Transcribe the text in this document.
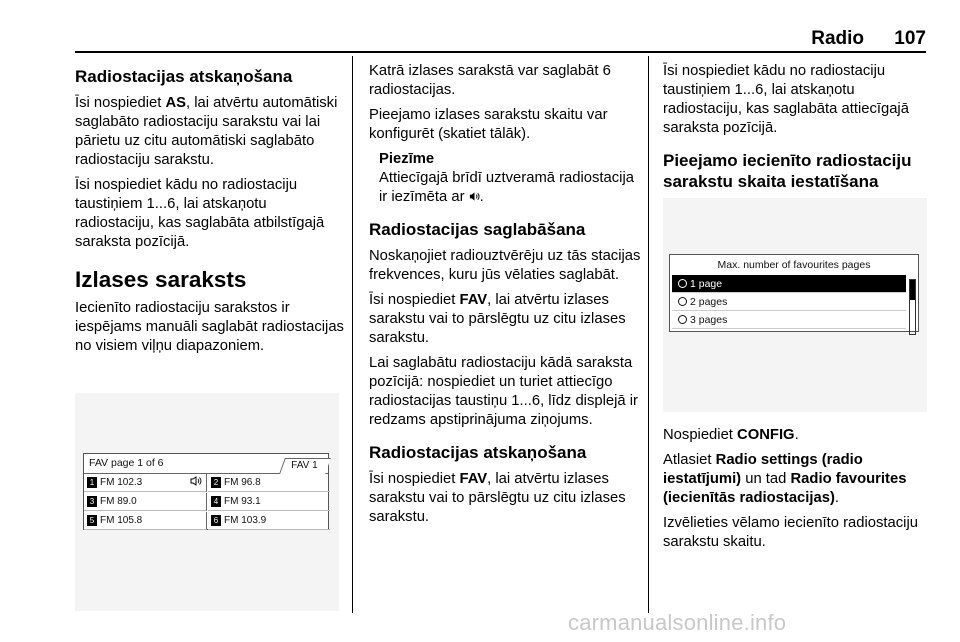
Radio 107
Radiostacijas atskaņošana

Īsi nospiediet AS, lai atvērtu automātiski saglabāto radiostaciju sarakstu vai lai pārietu uz citu automātiski saglabāto radiostaciju sarakstu.

Īsi nospiediet kādu no radiostaciju taustiņiem 1...6, lai atskaņotu radiostaciju, kas saglabāta atbilstīgajā saraksta pozīcijā.

Izlases saraksts

Iecienīto radiostaciju sarakstos ir iespējams manuāli saglabāt radiostacijas no visiem viļņu diapazoniem.

FAV page 1 of 6	FAV 1
1 FM 102.3	2 FM 96.8
3 FM 89.0	4 FM 93.1
5 FM 105.8	6 FM 103.9

Katrā izlases sarakstā var saglabāt 6 radiostacijas.

Pieejamo izlases sarakstu skaitu var konfigurēt (skatiet tālāk).

Piezīme
Attiecīgajā brīdī uztveramā radiostacija ir iezīmēta ar .
Radiostacijas saglabāšana

Noskaņojiet radiouztvērēju uz tās stacijas frekvences, kuru jūs vēlaties saglabāt.

Īsi nospiediet FAV, lai atvērtu izlases sarakstu vai to pārslēgtu uz citu izlases sarakstu.

Lai saglabātu radiostaciju kādā saraksta pozīcijā: nospiediet un turiet attiecīgo radiostacijas taustiņu 1...6, līdz displejā ir redzams apstiprinājuma ziņojums.

Radiostacijas atskaņošana

Īsi nospiediet FAV, lai atvērtu izlases sarakstu vai to pārslēgtu uz citu izlases sarakstu.

Īsi nospiediet kādu no radiostaciju taustiņiem 1...6, lai atskaņotu radiostaciju, kas saglabāta attiecīgajā saraksta pozīcijā.

Pieejamo iecienīto radiostaciju sarakstu skaita iestatīšana
Max. number of favourites pages
1 page
2 pages
3 pages

Nospiediet CONFIG.

Atlasiet Radio settings (radio iestatījumi) un tad Radio favourites (iecienītās radiostacijas).

Izvēlieties vēlamo iecienīto radiostaciju sarakstu skaitu.

carmanualsonline.info
